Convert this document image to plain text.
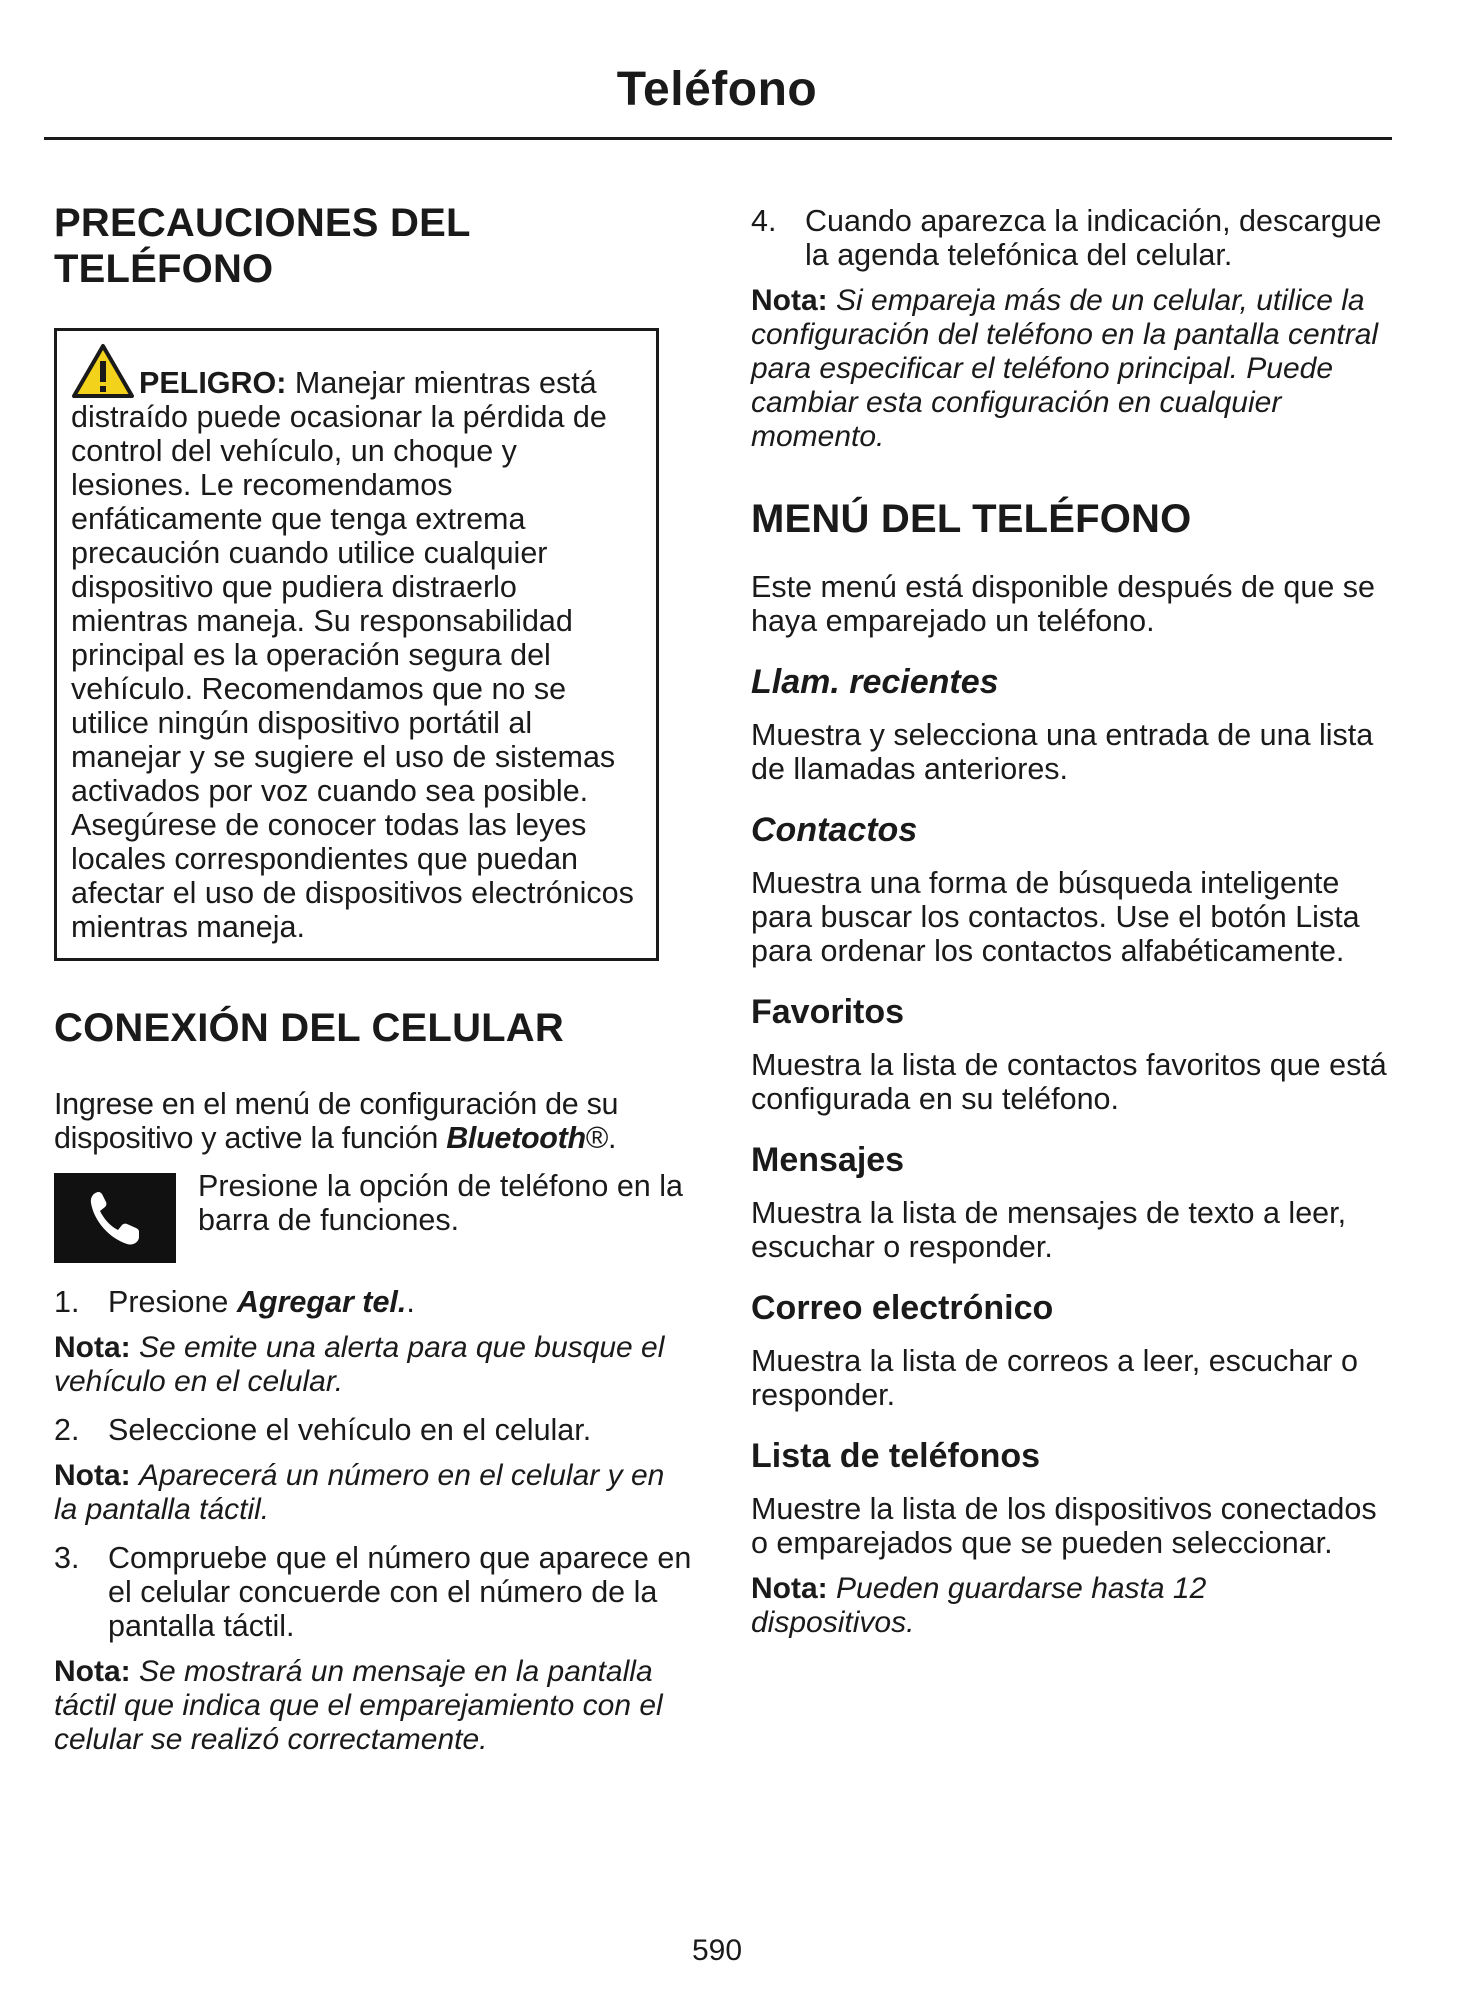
Teléfono

PRECAUCIONES DEL TELÉFONO

PELIGRO: Manejar mientras está distraído puede ocasionar la pérdida de control del vehículo, un choque y lesiones. Le recomendamos enfáticamente que tenga extrema precaución cuando utilice cualquier dispositivo que pudiera distraerlo mientras maneja. Su responsabilidad principal es la operación segura del vehículo. Recomendamos que no se utilice ningún dispositivo portátil al manejar y se sugiere el uso de sistemas activados por voz cuando sea posible. Asegúrese de conocer todas las leyes locales correspondientes que puedan afectar el uso de dispositivos electrónicos mientras maneja.

CONEXIÓN DEL CELULAR

Ingrese en el menú de configuración de su dispositivo y active la función Bluetooth®.

Presione la opción de teléfono en la barra de funciones.

1. Presione Agregar tel..

Nota: Se emite una alerta para que busque el vehículo en el celular.

2. Seleccione el vehículo en el celular.

Nota: Aparecerá un número en el celular y en la pantalla táctil.

3. Compruebe que el número que aparece en el celular concuerde con el número de la pantalla táctil.

Nota: Se mostrará un mensaje en la pantalla táctil que indica que el emparejamiento con el celular se realizó correctamente.

4. Cuando aparezca la indicación, descargue la agenda telefónica del celular.

Nota: Si empareja más de un celular, utilice la configuración del teléfono en la pantalla central para especificar el teléfono principal. Puede cambiar esta configuración en cualquier momento.

MENÚ DEL TELÉFONO

Este menú está disponible después de que se haya emparejado un teléfono.

Llam. recientes

Muestra y selecciona una entrada de una lista de llamadas anteriores.

Contactos

Muestra una forma de búsqueda inteligente para buscar los contactos. Use el botón Lista para ordenar los contactos alfabéticamente.

Favoritos

Muestra la lista de contactos favoritos que está configurada en su teléfono.

Mensajes

Muestra la lista de mensajes de texto a leer, escuchar o responder.

Correo electrónico

Muestra la lista de correos a leer, escuchar o responder.

Lista de teléfonos

Muestre la lista de los dispositivos conectados o emparejados que se pueden seleccionar.

Nota: Pueden guardarse hasta 12 dispositivos.

590
